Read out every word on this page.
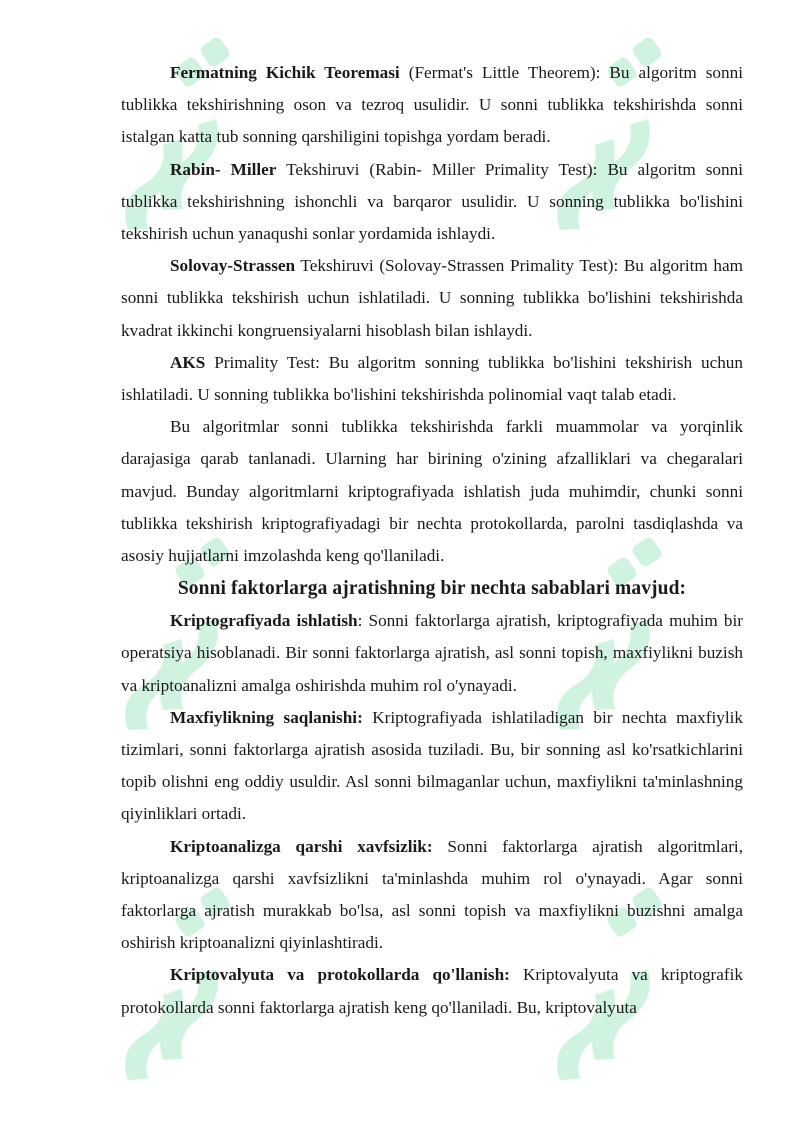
Fermatning Kichik Teoremasi (Fermat's Little Theorem): Bu algoritm sonni tublikka tekshirishning oson va tezroq usulidir. U sonni tublikka tekshirishda sonni istalgan katta tub sonning qarshiligini topishga yordam beradi.

Rabin- Miller Tekshiruvi (Rabin- Miller Primality Test): Bu algoritm sonni tublikka tekshirishning ishonchli va barqaror usulidir. U sonning tublikka bo'lishini tekshirish uchun yanaqushi sonlar yordamida ishlaydi.

Solovay-Strassen Tekshiruvi (Solovay-Strassen Primality Test): Bu algoritm ham sonni tublikka tekshirish uchun ishlatiladi. U sonning tublikka bo'lishini tekshirishda kvadrat ikkinchi kongruensiyalarni hisoblash bilan ishlaydi.

AKS Primality Test: Bu algoritm sonning tublikka bo'lishini tekshirish uchun ishlatiladi. U sonning tublikka bo'lishini tekshirishda polinomial vaqt talab etadi.

Bu algoritmlar sonni tublikka tekshirishda farkli muammolar va yorqinlik darajasiga qarab tanlanadi. Ularning har birining o'zining afzalliklari va chegaralari mavjud. Bunday algoritmlarni kriptografiyada ishlatish juda muhimdir, chunki sonni tublikka tekshirish kriptografiyadagi bir nechta protokollarda, parolni tasdiqlashda va asosiy hujjatlarni imzolashda keng qo'llaniladi.

Sonni faktorlarga ajratishning bir nechta sabablari mavjud:

Kriptografiyada ishlatish: Sonni faktorlarga ajratish, kriptografiyada muhim bir operatsiya hisoblanadi. Bir sonni faktorlarga ajratish, asl sonni topish, maxfiylikni buzish va kriptoanalizni amalga oshirishda muhim rol o'ynayadi.

Maxfiylikning saqlanishi: Kriptografiyada ishlatiladigan bir nechta maxfiylik tizimlari, sonni faktorlarga ajratish asosida tuziladi. Bu, bir sonning asl ko'rsatkichlarini topib olishni eng oddiy usuldir. Asl sonni bilmaganlar uchun, maxfiylikni ta'minlashning qiyinliklari ortadi.

Kriptoanalizga qarshi xavfsizlik: Sonni faktorlarga ajratish algoritmlari, kriptoanalizga qarshi xavfsizlikni ta'minlashda muhim rol o'ynayadi. Agar sonni faktorlarga ajratish murakkab bo'lsa, asl sonni topish va maxfiylikni buzishni amalga oshirish kriptoanalizni qiyinlashtiradi.

Kriptovalyuta va protokollarda qo'llanish: Kriptovalyuta va kriptografik protokollarda sonni faktorlarga ajratish keng qo'llaniladi. Bu, kriptovalyuta
